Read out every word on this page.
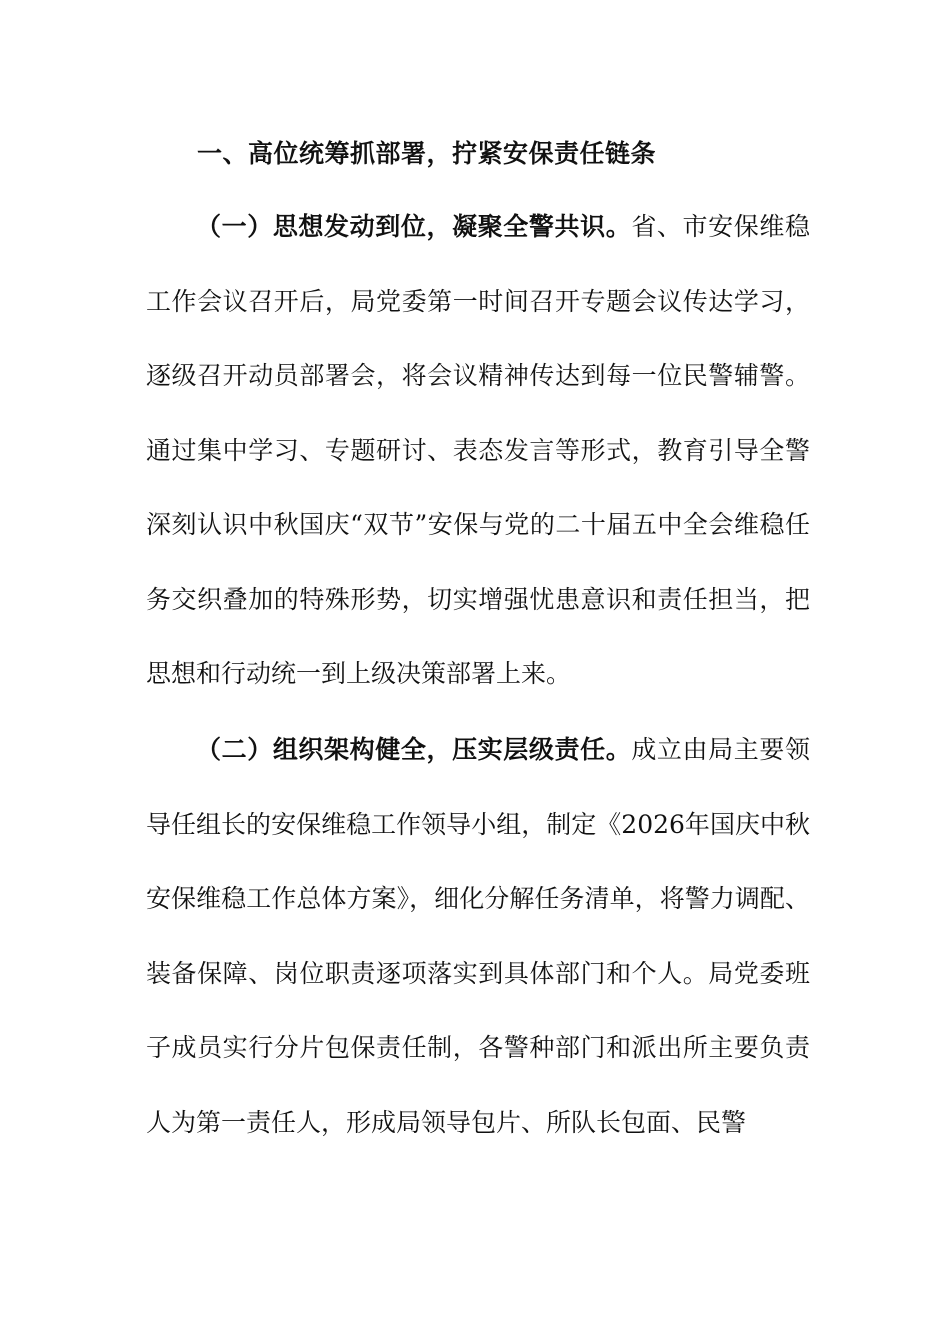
一、高位统筹抓部署，拧紧安保责任链条

（一）思想发动到位，凝聚全警共识。省、市安保维稳工作会议召开后，局党委第一时间召开专题会议传达学习，逐级召开动员部署会，将会议精神传达到每一位民警辅警。通过集中学习、专题研讨、表态发言等形式，教育引导全警深刻认识中秋国庆“双节”安保与党的二十届五中全会维稳任务交织叠加的特殊形势，切实增强忧患意识和责任担当，把思想和行动统一到上级决策部署上来。

（二）组织架构健全，压实层级责任。成立由局主要领导任组长的安保维稳工作领导小组，制定《2026年国庆中秋安保维稳工作总体方案》，细化分解任务清单，将警力调配、装备保障、岗位职责逐项落实到具体部门和个人。局党委班子成员实行分片包保责任制，各警种部门和派出所主要负责人为第一责任人，形成局领导包片、所队长包面、民警
